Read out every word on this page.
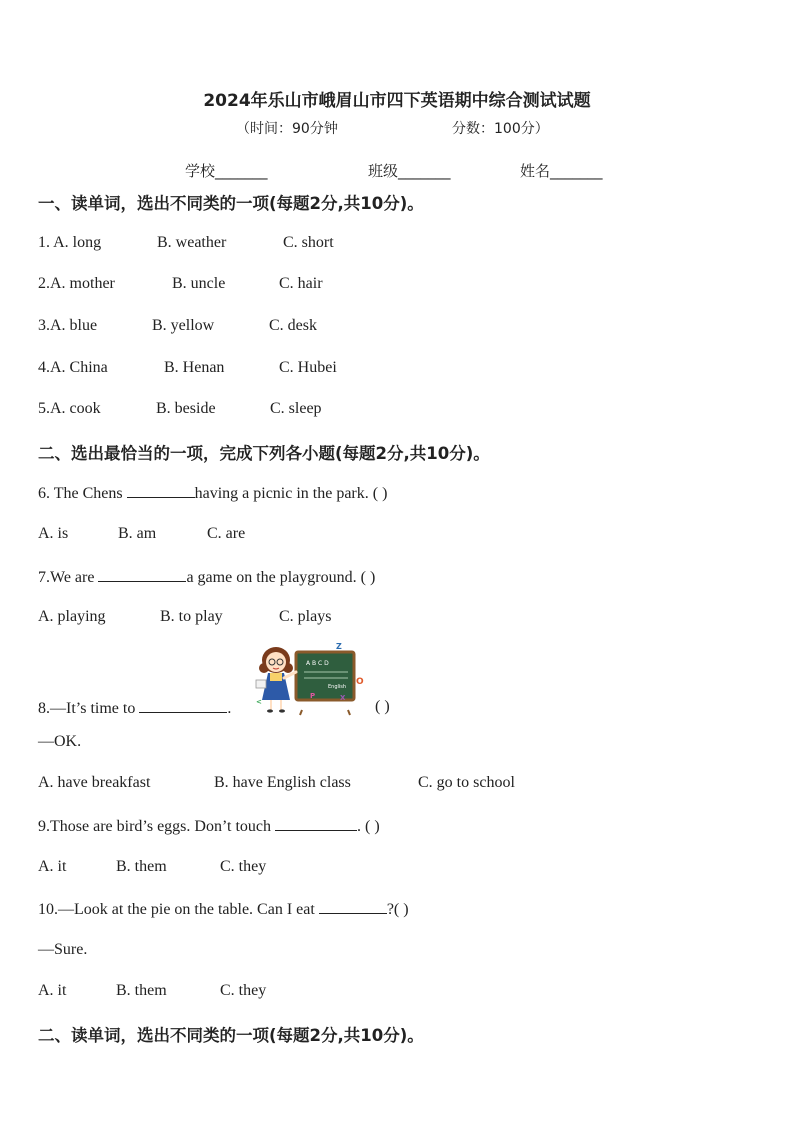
2024年乐山市峨眉山市四下英语期中综合测试试题
（时间：90分钟	分数：100分）
学校_______	班级_______	姓名_______
一、读单词，选出不同类的一项(每题2分,共10分)。
1. A. long	B. weather	C. short
2.A. mother	B. uncle	C. hair
3.A. blue	B. yellow	C. desk
4.A. China	B. Henan	C. Hubei
5.A. cook	B. beside	C. sleep
二、选出最恰当的一项，完成下列各小题(每题2分,共10分)。
6. The Chens	having a picnic in the park. ( )
A. is	B. am	C. are
7.We are	a game on the playground. ( )
A. playing	B. to play	C. plays
A B C D
English
Z
O
X
P
<
8.—It’s time to	.	( )
—OK.
A. have breakfast	B. have English class	C. go to school
9.Those are bird’s eggs. Don’t touch	. ( )
A. it	B. them	C. they
10.—Look at the pie on the table. Can I eat	?( )
—Sure.
A. it	B. them	C. they
二、读单词，选出不同类的一项(每题2分,共10分)。
